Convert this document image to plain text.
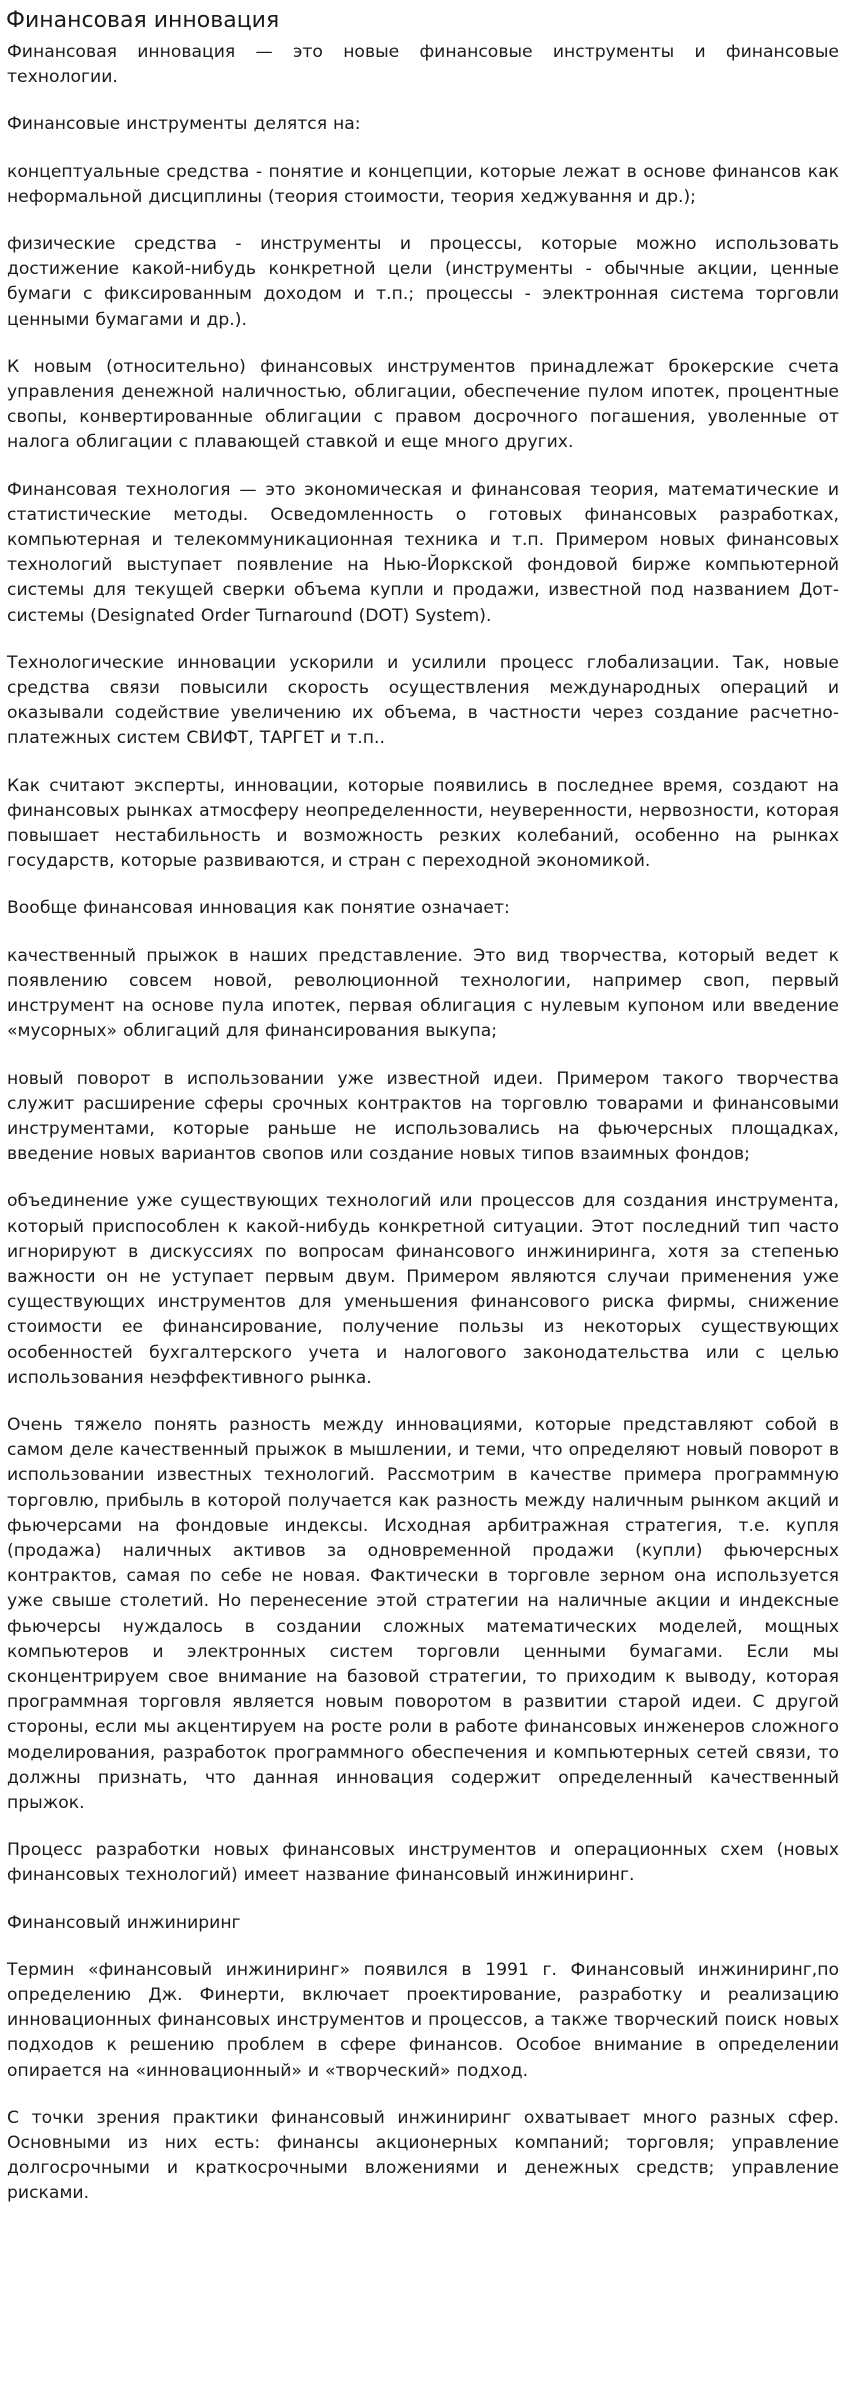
Финансовая инновация

Финансовая инновация — это новые финансовые инструменты и финансовые технологии.

Финансовые инструменты делятся на:

концептуальные средства - понятие и концепции, которые лежат в основе финансов как неформальной дисциплины (теория стоимости, теория хеджування и др.);

физические средства - инструменты и процессы, которые можно использовать достижение какой-нибудь конкретной цели (инструменты - обычные акции, ценные бумаги с фиксированным доходом и т.п.; процессы - электронная система торговли ценными бумагами и др.).

К новым (относительно) финансовых инструментов принадлежат брокерские счета управления денежной наличностью, облигации, обеспечение пулом ипотек, процентные свопы, конвертированные облигации с правом досрочного погашения, уволенные от налога облигации с плавающей ставкой и еще много других.

Финансовая технология — это экономическая и финансовая теория, математические и статистические методы. Осведомленность о готовых финансовых разработках, компьютерная и телекоммуникационная техника и т.п. Примером новых финансовых технологий выступает появление на Нью-Йоркской фондовой бирже компьютерной системы для текущей сверки объема купли и продажи, известной под названием Дот-системы (Designated Order Turnaround (DOT) System).

Технологические инновации ускорили и усилили процесс глобализации. Так, новые средства связи повысили скорость осуществления международных операций и оказывали содействие увеличению их объема, в частности через создание расчетно-платежных систем СВИФТ, ТАРГЕТ и т.п..

Как считают эксперты, инновации, которые появились в последнее время, создают на финансовых рынках атмосферу неопределенности, неуверенности, нервозности, которая повышает нестабильность и возможность резких колебаний, особенно на рынках государств, которые развиваются, и стран с переходной экономикой.

Вообще финансовая инновация как понятие означает:

качественный прыжок в наших представление. Это вид творчества, который ведет к появлению совсем новой, революционной технологии, например своп, первый инструмент на основе пула ипотек, первая облигация с нулевым купоном или введение «мусорных» облигаций для финансирования выкупа;

новый поворот в использовании уже известной идеи. Примером такого творчества служит расширение сферы срочных контрактов на торговлю товарами и финансовыми инструментами, которые раньше не использовались на фьючерсных площадках, введение новых вариантов свопов или создание новых типов взаимных фондов;

объединение уже существующих технологий или процессов для создания инструмента, который приспособлен к какой-нибудь конкретной ситуации. Этот последний тип часто игнорируют в дискуссиях по вопросам финансового инжиниринга, хотя за степенью важности он не уступает первым двум. Примером являются случаи применения уже существующих инструментов для уменьшения финансового риска фирмы, снижение стоимости ее финансирование, получение пользы из некоторых существующих особенностей бухгалтерского учета и налогового законодательства или с целью использования неэффективного рынка.

Очень тяжело понять разность между инновациями, которые представляют собой в самом деле качественный прыжок в мышлении, и теми, что определяют новый поворот в использовании известных технологий. Рассмотрим в качестве примера программную торговлю, прибыль в которой получается как разность между наличным рынком акций и фьючерсами на фондовые индексы. Исходная арбитражная стратегия, т.е. купля (продажа) наличных активов за одновременной продажи (купли) фьючерсных контрактов, самая по себе не новая. Фактически в торговле зерном она используется уже свыше столетий. Но перенесение этой стратегии на наличные акции и индексные фьючерсы нуждалось в создании сложных математических моделей, мощных компьютеров и электронных систем торговли ценными бумагами. Если мы сконцентрируем свое внимание на базовой стратегии, то приходим к выводу, которая программная торговля является новым поворотом в развитии старой идеи. С другой стороны, если мы акцентируем на росте роли в работе финансовых инженеров сложного моделирования, разработок программного обеспечения и компьютерных сетей связи, то должны признать, что данная инновация содержит определенный качественный прыжок.

Процесс разработки новых финансовых инструментов и операционных схем (новых финансовых технологий) имеет название финансовый инжиниринг.

Финансовый инжиниринг

Термин «финансовый инжиниринг» появился в 1991 г. Финансовый инжиниринг,по определению Дж. Финерти, включает проектирование, разработку и реализацию инновационных финансовых инструментов и процессов, а также творческий поиск новых подходов к решению проблем в сфере финансов. Особое внимание в определении опирается на «инновационный» и «творческий» подход.

С точки зрения практики финансовый инжиниринг охватывает много разных сфер. Основными из них есть: финансы акционерных компаний; торговля; управление долгосрочными и краткосрочными вложениями и денежных средств; управление рисками.
